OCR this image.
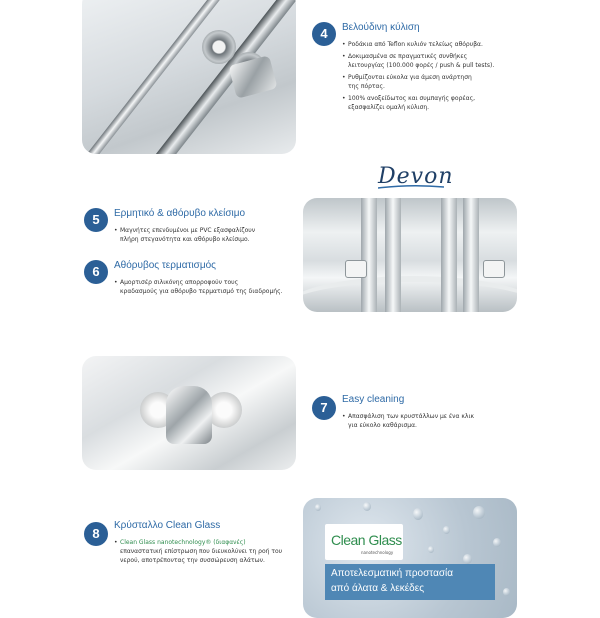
4	Βελούδινη κύλιση
• Ροδάκια από Teflon κυλιόν τελείως αθόρυβα.
• Δοκιμασμένα σε πραγματικές συνθήκες
λειτουργίας (100.000 φορές / push & pull tests).
• Ρυθμίζονται εύκολα για άμεση ανάρτηση
της πόρτας.
• 100% ανοξείδωτος και συμπαγής φορέας,
εξασφαλίζει ομαλή κύλιση.
Devon
5	Ερμητικό & αθόρυβο κλείσιμο
• Μαγνήτες επενδυμένοι με PVC εξασφαλίζουν
πλήρη στεγανότητα και αθόρυβο κλείσιμο.
6	Αθόρυβος τερματισμός
• Αμορτισέρ σιλικόνης απορροφούν τους
κραδασμούς για αθόρυβο τερματισμό της διαδρομής.
7
Easy cleaning
• Απασφάλιση των κρυστάλλων με ένα κλικ
για εύκολο καθάρισμα.
8
Κρύσταλλο Clean Glass
• Clean Glass nanotechnology® (διαφανές)
επαναστατική επίστρωση που διευκολύνει τη ροή του
νερού, αποτρέποντας την συσσώρευση αλάτων.
Clean Glass
nanotechnology
Αποτελεσματική προστασία
από άλατα & λεκέδες
